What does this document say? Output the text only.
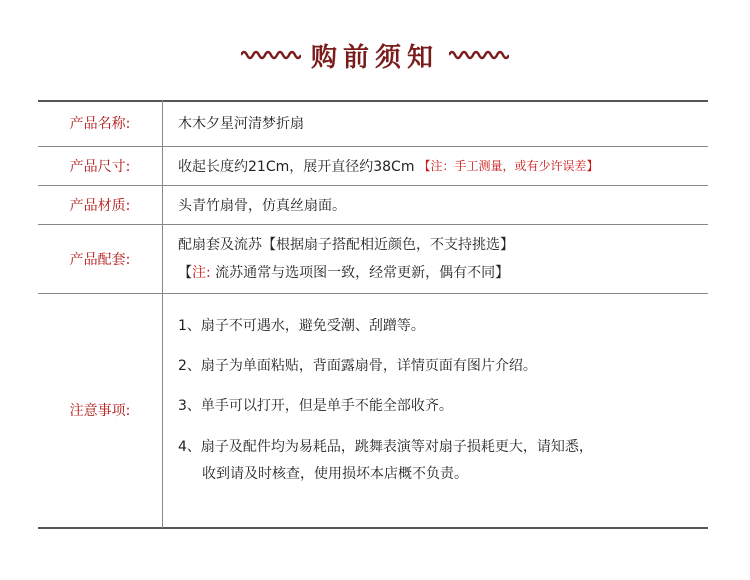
购前须知
产品名称:	木木夕星河清梦折扇
产品尺寸:	收起长度约21Cm，展开直径约38Cm 【注：手工测量，或有少许误差】
产品材质:	头青竹扇骨，仿真丝扇面。
产品配套:
配扇套及流苏【根据扇子搭配相近颜色，不支持挑选】
【注: 流苏通常与选项图一致，经常更新，偶有不同】
注意事项:
1、扇子不可遇水，避免受潮、刮蹭等。
2、扇子为单面粘贴，背面露扇骨，详情页面有图片介绍。
3、单手可以打开，但是单手不能全部收齐。
4、扇子及配件均为易耗品，跳舞表演等对扇子损耗更大，请知悉，
收到请及时核查，使用损坏本店概不负责。
